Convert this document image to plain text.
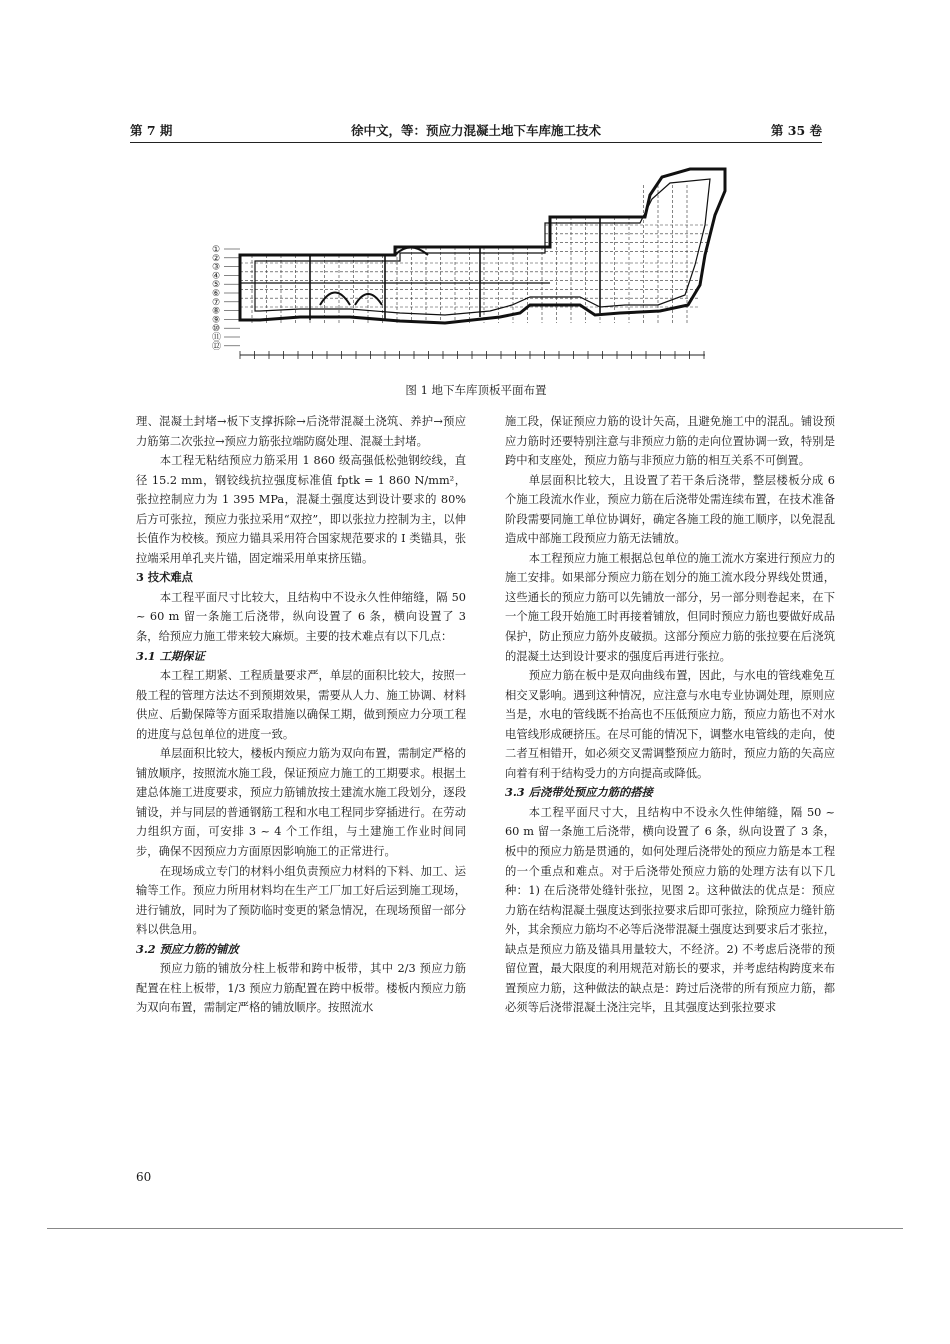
第 7 期	徐中文，等：预应力混凝土地下车库施工技术	第 35 卷
①
②
③
④
⑤
⑥
⑦
⑧
⑨
⑩
⑪
⑫
图 1 地下车库顶板平面布置

理、混凝土封堵→板下支撑拆除→后浇带混凝土浇筑、养护→预应力筋第二次张拉→预应力筋张拉端防腐处理、混凝土封堵。

本工程无粘结预应力筋采用 1 860 级高强低松弛钢绞线，直径 15.2 mm，钢铰线抗拉强度标准值 fptk = 1 860 N/mm²，张拉控制应力为 1 395 MPa，混凝土强度达到设计要求的 80% 后方可张拉，预应力张拉采用“双控”，即以张拉力控制为主，以伸长值作为校核。预应力锚具采用符合国家规范要求的 I 类锚具，张拉端采用单孔夹片锚，固定端采用单束挤压锚。

3 技术难点

本工程平面尺寸比较大，且结构中不设永久性伸缩缝，隔 50 ~ 60 m 留一条施工后浇带，纵向设置了 6 条，横向设置了 3 条，给预应力施工带来较大麻烦。主要的技术难点有以下几点：

3.1 工期保证

本工程工期紧、工程质量要求严，单层的面积比较大，按照一般工程的管理方法达不到预期效果，需要从人力、施工协调、材料供应、后勤保障等方面采取措施以确保工期，做到预应力分项工程的进度与总包单位的进度一致。

单层面积比较大，楼板内预应力筋为双向布置，需制定严格的铺放顺序，按照流水施工段，保证预应力施工的工期要求。根据土建总体施工进度要求，预应力筋铺放按土建流水施工段划分，逐段铺设，并与同层的普通钢筋工程和水电工程同步穿插进行。在劳动力组织方面，可安排 3 ~ 4 个工作组，与土建施工作业时间同步，确保不因预应力方面原因影响施工的正常进行。

在现场成立专门的材料小组负责预应力材料的下料、加工、运输等工作。预应力所用材料均在生产工厂加工好后运到施工现场，进行铺放，同时为了预防临时变更的紧急情况，在现场预留一部分料以供急用。

3.2 预应力筋的铺放

预应力筋的铺放分柱上板带和跨中板带，其中 2/3 预应力筋配置在柱上板带，1/3 预应力筋配置在跨中板带。楼板内预应力筋为双向布置，需制定严格的铺放顺序。按照流水

施工段，保证预应力筋的设计矢高，且避免施工中的混乱。铺设预应力筋时还要特别注意与非预应力筋的走向位置协调一致，特别是跨中和支座处，预应力筋与非预应力筋的相互关系不可倒置。

单层面积比较大，且设置了若干条后浇带，整层楼板分成 6 个施工段流水作业，预应力筋在后浇带处需连续布置，在技术准备阶段需要同施工单位协调好，确定各施工段的施工顺序，以免混乱造成中部施工段预应力筋无法铺放。

本工程预应力施工根据总包单位的施工流水方案进行预应力的施工安排。如果部分预应力筋在划分的施工流水段分界线处贯通，这些通长的预应力筋可以先铺放一部分，另一部分则卷起来，在下一个施工段开始施工时再接着铺放，但同时预应力筋也要做好成品保护，防止预应力筋外皮破损。这部分预应力筋的张拉要在后浇筑的混凝土达到设计要求的强度后再进行张拉。

预应力筋在板中是双向曲线布置，因此，与水电的管线难免互相交叉影响。遇到这种情况，应注意与水电专业协调处理，原则应当是，水电的管线既不抬高也不压低预应力筋，预应力筋也不对水电管线形成硬挤压。在尽可能的情况下，调整水电管线的走向，使二者互相错开，如必须交叉需调整预应力筋时，预应力筋的矢高应向着有利于结构受力的方向提高或降低。

3.3 后浇带处预应力筋的搭接

本工程平面尺寸大，且结构中不设永久性伸缩缝，隔 50 ~ 60 m 留一条施工后浇带，横向设置了 6 条，纵向设置了 3 条，板中的预应力筋是贯通的，如何处理后浇带处的预应力筋是本工程的一个重点和难点。对于后浇带处预应力筋的处理方法有以下几种：1) 在后浇带处缝针张拉，见图 2。这种做法的优点是：预应力筋在结构混凝土强度达到张拉要求后即可张拉，除预应力缝针筋外，其余预应力筋均不必等后浇带混凝土强度达到要求后才张拉，缺点是预应力筋及锚具用量较大，不经济。2) 不考虑后浇带的预留位置，最大限度的利用规范对筋长的要求，并考虑结构跨度来布置预应力筋，这种做法的缺点是：跨过后浇带的所有预应力筋，都必须等后浇带混凝土浇注完毕，且其强度达到张拉要求

60
